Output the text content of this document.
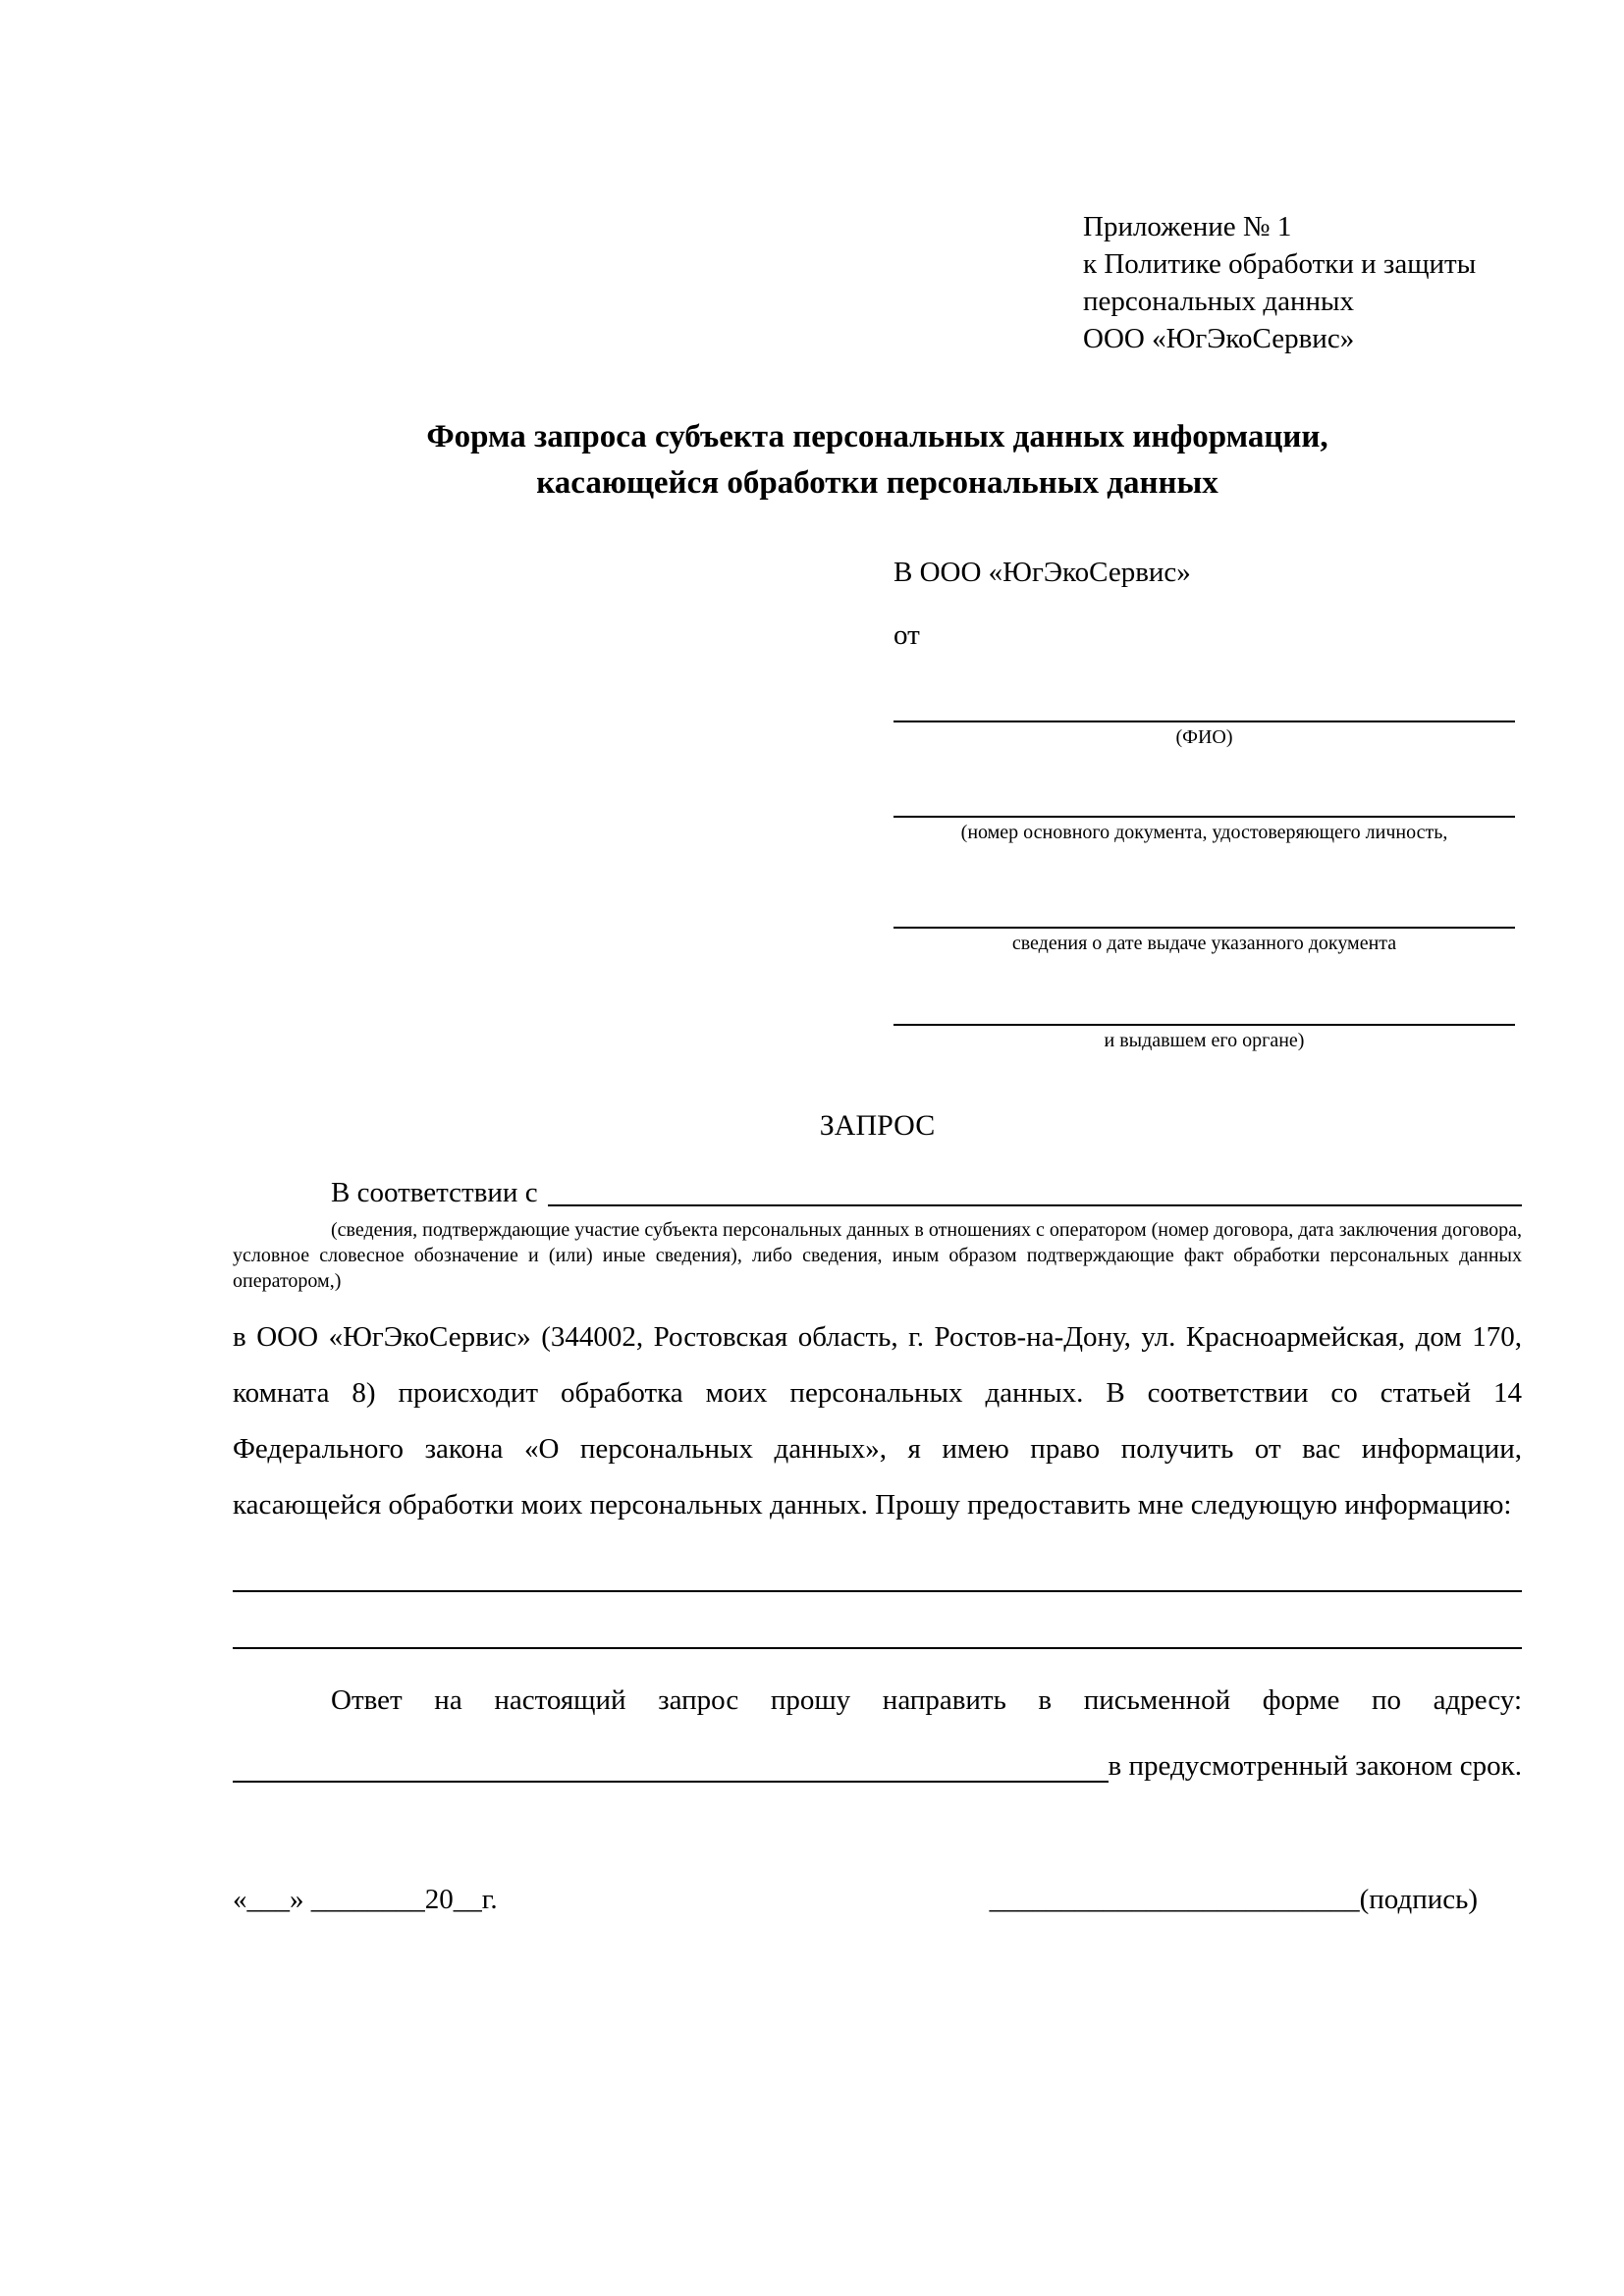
Приложение № 1
к Политике обработки и защиты
персональных данных
ООО «ЮгЭкоСервис»
Форма запроса субъекта персональных данных информации,
касающейся обработки персональных данных
В ООО «ЮгЭкоСервис»
от
(ФИО)
(номер основного документа, удостоверяющего личность,
сведения о дате выдаче указанного документа
и выдавшем его органе)
ЗАПРОС
В соответствии с

(сведения, подтверждающие участие субъекта персональных данных в отношениях с оператором (номер договора, дата заключения договора, условное словесное обозначение и (или) иные сведения), либо сведения, иным образом подтверждающие факт обработки персональных данных оператором,)

в ООО «ЮгЭкоСервис» (344002, Ростовская область, г. Ростов-на-Дону, ул. Красноармейская, дом 170, комната 8) происходит обработка моих персональных данных. В соответствии со статьей 14 Федерального закона «О персональных данных», я имею право получить от вас информации, касающейся обработки моих персональных данных. Прошу предоставить мне следующую информацию:

Ответ на настоящий запрос прошу направить в письменной форме по адресу:

в предусмотренный законом срок.
«___» ________20__г.	__________________________(подпись)
